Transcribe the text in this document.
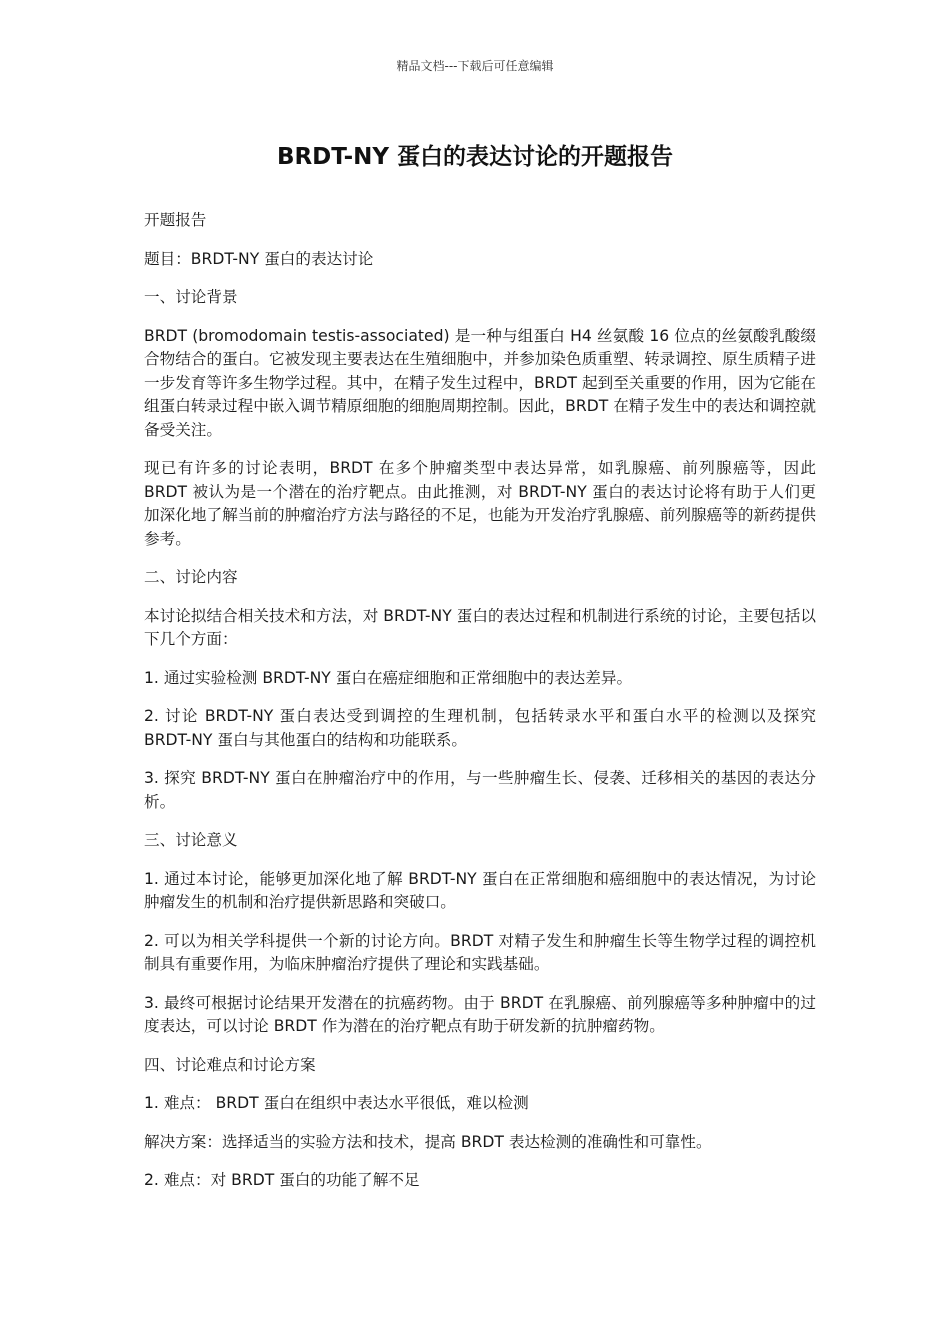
精品文档---下载后可任意编辑
BRDT-NY 蛋白的表达讨论的开题报告

开题报告

题目：BRDT-NY 蛋白的表达讨论

一、讨论背景

BRDT (bromodomain testis-associated) 是一种与组蛋白 H4 丝氨酸 16 位点的丝氨酸乳酸缀合物结合的蛋白。它被发现主要表达在生殖细胞中，并参加染色质重塑、转录调控、原生质精子进一步发育等许多生物学过程。其中，在精子发生过程中，BRDT 起到至关重要的作用，因为它能在组蛋白转录过程中嵌入调节精原细胞的细胞周期控制。因此，BRDT 在精子发生中的表达和调控就备受关注。

现已有许多的讨论表明，BRDT 在多个肿瘤类型中表达异常，如乳腺癌、前列腺癌等，因此 BRDT 被认为是一个潜在的治疗靶点。由此推测，对 BRDT-NY 蛋白的表达讨论将有助于人们更加深化地了解当前的肿瘤治疗方法与路径的不足，也能为开发治疗乳腺癌、前列腺癌等的新药提供参考。

二、讨论内容

本讨论拟结合相关技术和方法，对 BRDT-NY 蛋白的表达过程和机制进行系统的讨论，主要包括以下几个方面：

1. 通过实验检测 BRDT-NY 蛋白在癌症细胞和正常细胞中的表达差异。

2. 讨论 BRDT-NY 蛋白表达受到调控的生理机制，包括转录水平和蛋白水平的检测以及探究 BRDT-NY 蛋白与其他蛋白的结构和功能联系。

3. 探究 BRDT-NY 蛋白在肿瘤治疗中的作用，与一些肿瘤生长、侵袭、迁移相关的基因的表达分析。

三、讨论意义

1. 通过本讨论，能够更加深化地了解 BRDT-NY 蛋白在正常细胞和癌细胞中的表达情况，为讨论肿瘤发生的机制和治疗提供新思路和突破口。

2. 可以为相关学科提供一个新的讨论方向。BRDT 对精子发生和肿瘤生长等生物学过程的调控机制具有重要作用，为临床肿瘤治疗提供了理论和实践基础。

3. 最终可根据讨论结果开发潜在的抗癌药物。由于 BRDT 在乳腺癌、前列腺癌等多种肿瘤中的过度表达，可以讨论 BRDT 作为潜在的治疗靶点有助于研发新的抗肿瘤药物。

四、讨论难点和讨论方案

1. 难点： BRDT 蛋白在组织中表达水平很低，难以检测

解决方案：选择适当的实验方法和技术，提高 BRDT 表达检测的准确性和可靠性。

2. 难点：对 BRDT 蛋白的功能了解不足
